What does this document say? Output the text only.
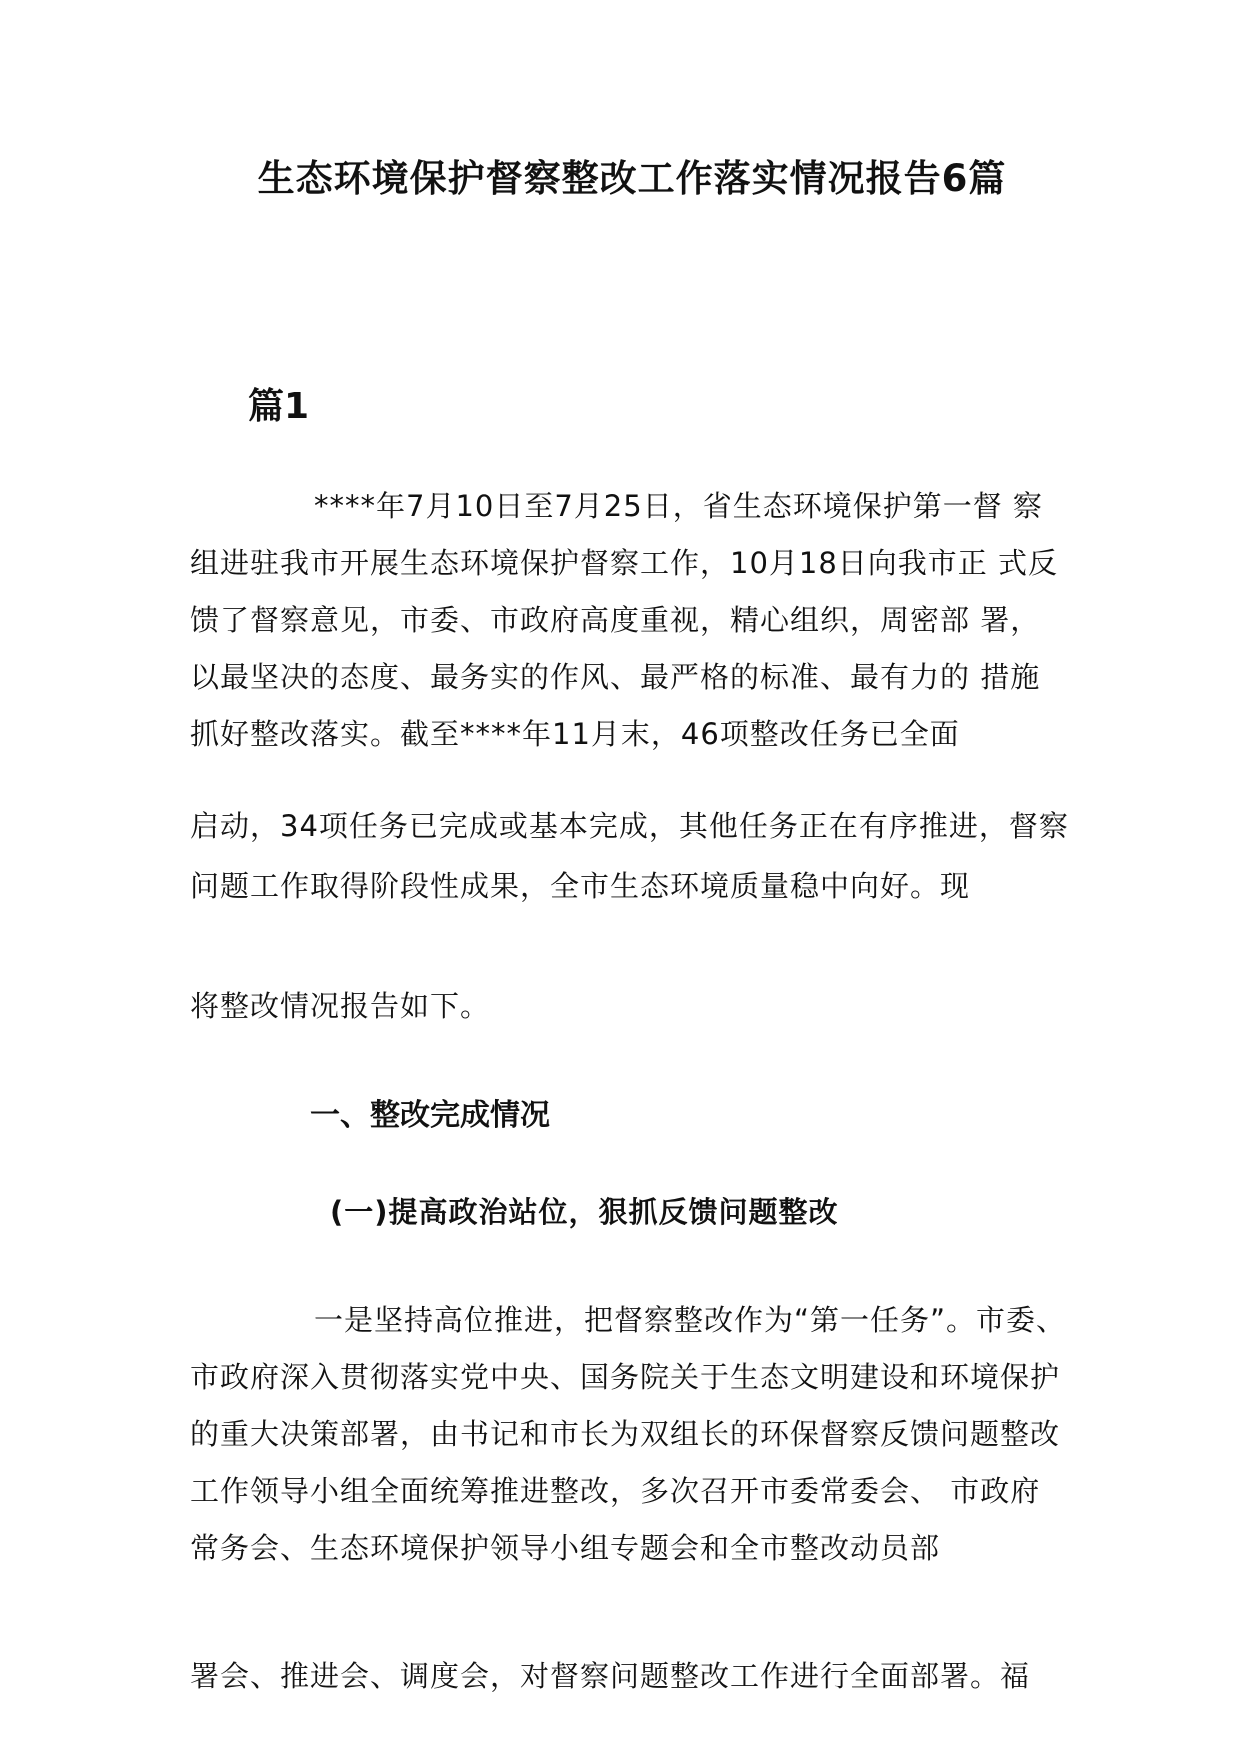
生态环境保护督察整改工作落实情况报告6篇
篇1

****年7月10日至7月25日，省生态环境保护第一督 察组进驻我市开展生态环境保护督察工作，10月18日向我市正 式反馈了督察意见，市委、市政府高度重视，精心组织，周密部 署，以最坚决的态度、最务实的作风、最严格的标准、最有力的 措施抓好整改落实。截至****年11月末，46项整改任务已全面

启动，34项任务已完成或基本完成，其他任务正在有序推进，督察问题工作取得阶段性成果，全市生态环境质量稳中向好。现

将整改情况报告如下。

一、整改完成情况
(一)提高政治站位，狠抓反馈问题整改

一是坚持高位推进，把督察整改作为“第一任务”。市委、市政府深入贯彻落实党中央、国务院关于生态文明建设和环境保护的重大决策部署，由书记和市长为双组长的环保督察反馈问题整改工作领导小组全面统筹推进整改，多次召开市委常委会、 市政府常务会、生态环境保护领导小组专题会和全市整改动员部

署会、推进会、调度会，对督察问题整改工作进行全面部署。福
